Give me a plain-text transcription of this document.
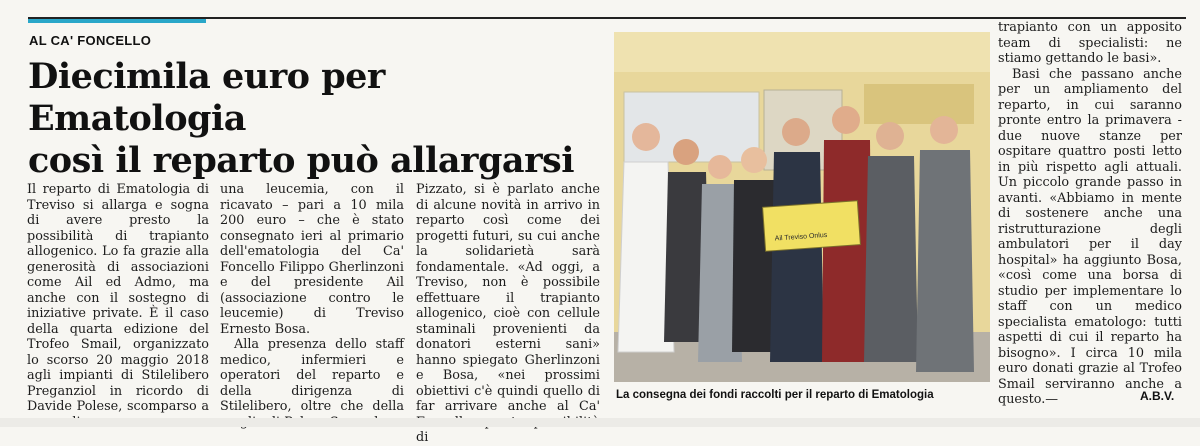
AL CA' FONCELLO
Diecimila euro per Ematologia
così il reparto può allargarsi

Il reparto di Ematologia di Treviso si allarga e sogna di avere presto la possibilità di trapianto allogenico. Lo fa grazie alla generosità di associazioni come Ail ed Admo, ma anche con il sostegno di iniziative private. È il caso della quarta edizione del Trofeo Smail, organizzato lo scorso 20 maggio 2018 agli impianti di Stilelibero Preganziol in ricordo di Davide Polese, scomparso a

una leucemia, con il ricavato – pari a 10 mila 200 euro – che è stato consegnato ieri al primario dell'ematologia del Ca' Foncello Filippo Gherlinzoni e del presidente Ail (associazione contro le leucemie) di Treviso Ernesto Bosa.

Alla presenza dello staff medico, infermieri e operatori del reparto e della dirigenza di Stilelibero, oltre che della

Pizzato, si è parlato anche di alcune novità in arrivo in reparto così come dei progetti futuri, su cui anche la solidarietà sarà fondamentale. «Ad oggi, a Treviso, non è possibile effettuare il trapianto allogenico, cioè con cellule staminali provenienti da donatori esterni sani» hanno spiegato Gherlinzoni e Bosa, «nei prossimi obiettivi c'è quindi quello di far arrivare anche al Ca' di

Ail Treviso Onlus
La consegna dei fondi raccolti per il reparto di Ematologia

trapianto con un apposito team di specialisti: ne stiamo gettando le basi».

Basi che passano anche per un ampliamento del reparto, in cui saranno pronte entro la primavera - due nuove stanze per ospitare quattro posti letto in più rispetto agli attuali. Un piccolo grande passo in avanti. «Abbiamo in mente di sostenere anche una ristrutturazione degli ambulatori per il day hospital» ha aggiunto Bosa, «così come una borsa di studio per implementare lo staff con un medico specialista ematologo: tutti aspetti di cui il reparto ha bisogno». I circa 10 mila euro donati grazie al Trofeo Smail serviranno anche a questo.—	A.B.V.
